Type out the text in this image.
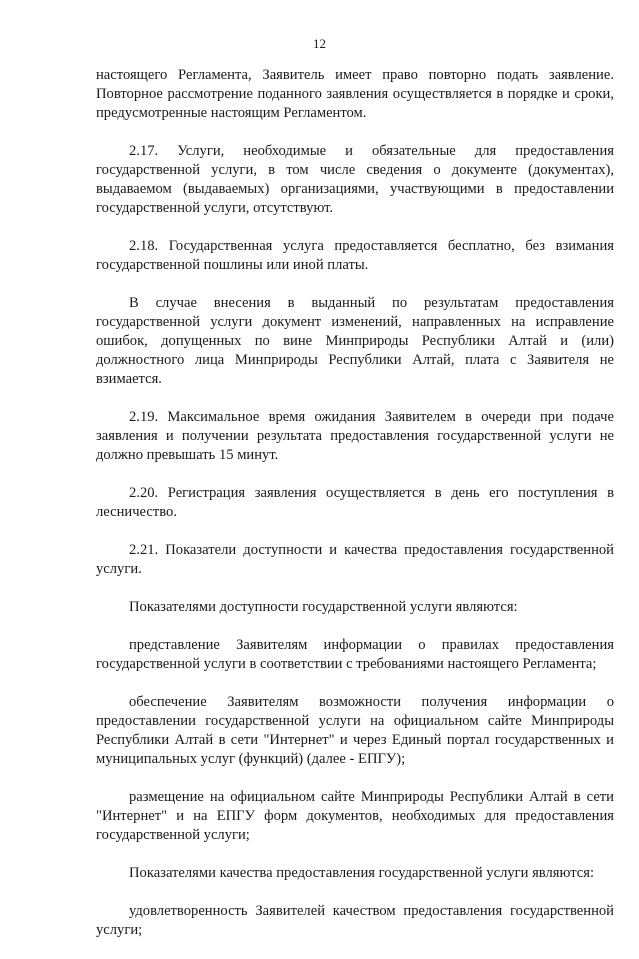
12

настоящего Регламента, Заявитель имеет право повторно подать заявление. Повторное рассмотрение поданного заявления осуществляется в порядке и сроки, предусмотренные настоящим Регламентом.

2.17. Услуги, необходимые и обязательные для предоставления государственной услуги, в том числе сведения о документе (документах), выдаваемом (выдаваемых) организациями, участвующими в предоставлении государственной услуги, отсутствуют.

2.18. Государственная услуга предоставляется бесплатно, без взимания государственной пошлины или иной платы.

В случае внесения в выданный по результатам предоставления государственной услуги документ изменений, направленных на исправление ошибок, допущенных по вине Минприроды Республики Алтай и (или) должностного лица Минприроды Республики Алтай, плата с Заявителя не взимается.

2.19. Максимальное время ожидания Заявителем в очереди при подаче заявления и получении результата предоставления государственной услуги не должно превышать 15 минут.

2.20. Регистрация заявления осуществляется в день его поступления в лесничество.

2.21. Показатели доступности и качества предоставления государственной услуги.

Показателями доступности государственной услуги являются:

представление Заявителям информации о правилах предоставления государственной услуги в соответствии с требованиями настоящего Регламента;

обеспечение Заявителям возможности получения информации о предоставлении государственной услуги на официальном сайте Минприроды Республики Алтай в сети "Интернет" и через Единый портал государственных и муниципальных услуг (функций) (далее - ЕПГУ);

размещение на официальном сайте Минприроды Республики Алтай в сети "Интернет" и на ЕПГУ форм документов, необходимых для предоставления государственной услуги;

Показателями качества предоставления государственной услуги являются:

удовлетворенность Заявителей качеством предоставления государственной услуги;
